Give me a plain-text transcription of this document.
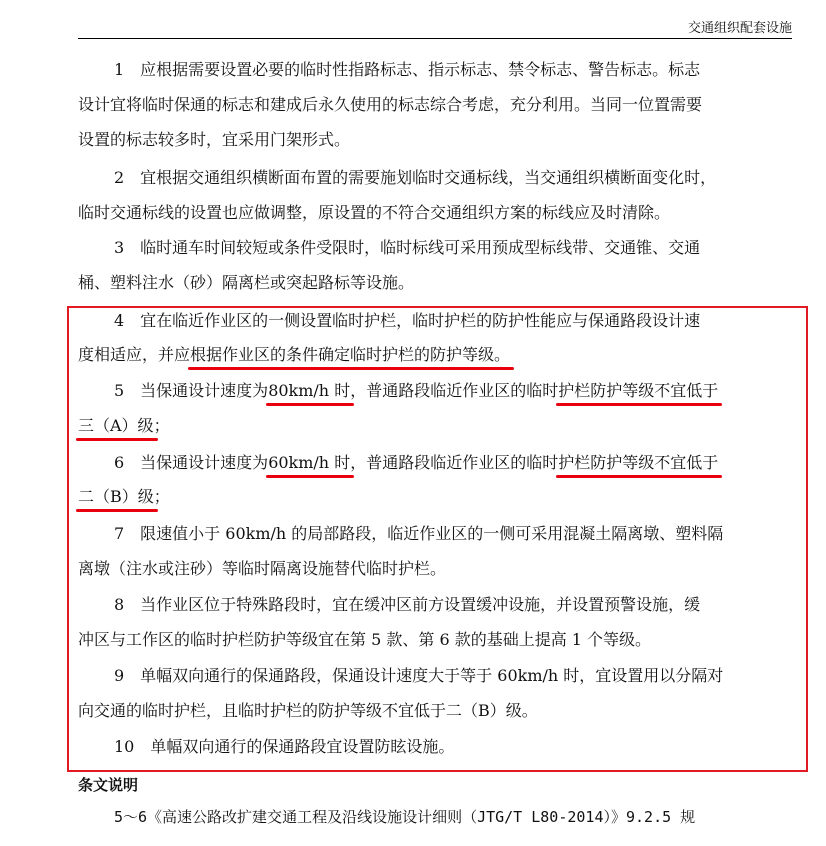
交通组织配套设施
1　应根据需要设置必要的临时性指路标志、指示标志、禁令标志、警告标志。标志
设计宜将临时保通的标志和建成后永久使用的标志综合考虑，充分利用。当同一位置需要
设置的标志较多时，宜采用门架形式。
2　宜根据交通组织横断面布置的需要施划临时交通标线，当交通组织横断面变化时，
临时交通标线的设置也应做调整，原设置的不符合交通组织方案的标线应及时清除。
3　临时通车时间较短或条件受限时，临时标线可采用预成型标线带、交通锥、交通
桶、塑料注水（砂）隔离栏或突起路标等设施。
4　宜在临近作业区的一侧设置临时护栏，临时护栏的防护性能应与保通路段设计速
度相适应，并应根据作业区的条件确定临时护栏的防护等级。
5　当保通设计速度为80km/h 时，普通路段临近作业区的临时护栏防护等级不宜低于
三（A）级；
6　当保通设计速度为60km/h 时，普通路段临近作业区的临时护栏防护等级不宜低于
二（B）级；
7　限速值小于 60km/h 的局部路段，临近作业区的一侧可采用混凝土隔离墩、塑料隔
离墩（注水或注砂）等临时隔离设施替代临时护栏。
8　当作业区位于特殊路段时，宜在缓冲区前方设置缓冲设施，并设置预警设施，缓
冲区与工作区的临时护栏防护等级宜在第 5 款、第 6 款的基础上提高 1 个等级。
9　单幅双向通行的保通路段，保通设计速度大于等于 60km/h 时，宜设置用以分隔对
向交通的临时护栏，且临时护栏的防护等级不宜低于二（B）级。
10　单幅双向通行的保通路段宜设置防眩设施。
条文说明
5～6《高速公路改扩建交通工程及沿线设施设计细则（JTG/T L80-2014）》9.2.5 规
